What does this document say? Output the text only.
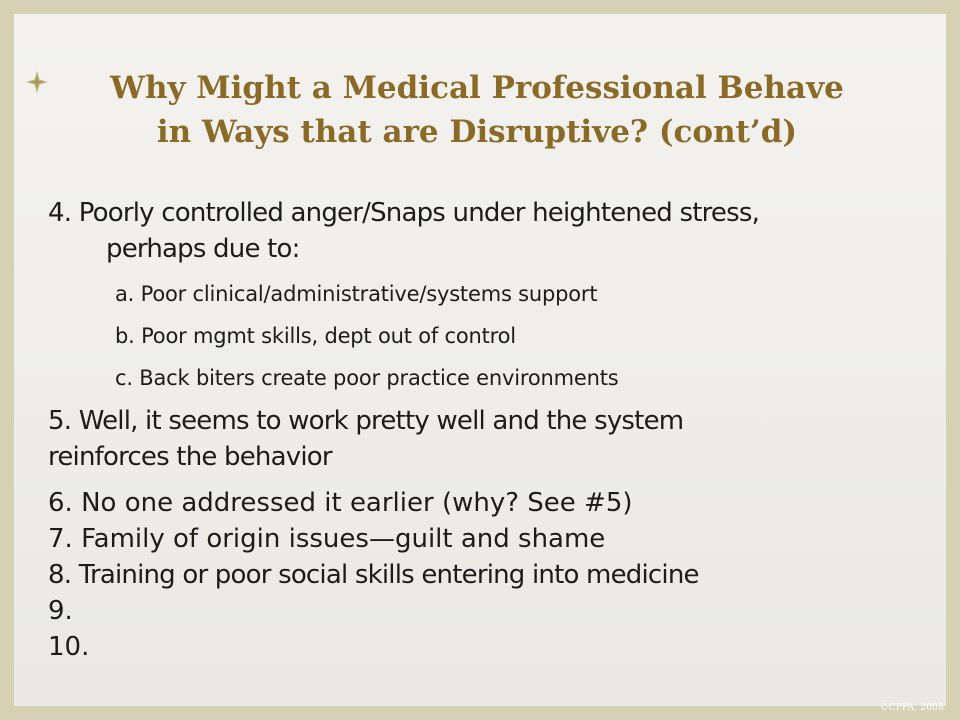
Why Might a Medical Professional Behave
in Ways that are Disruptive? (cont’d)
4. Poorly controlled anger/Snaps under heightened stress,
perhaps due to:
a. Poor clinical/administrative/systems support
b. Poor mgmt skills, dept out of control
c. Back biters create poor practice environments
5. Well, it seems to work pretty well and the system
reinforces the behavior
6. No one addressed it earlier (why? See #5)
7. Family of origin issues—guilt and shame
8. Training or poor social skills entering into medicine
9.
10.
©CPPA, 2008
